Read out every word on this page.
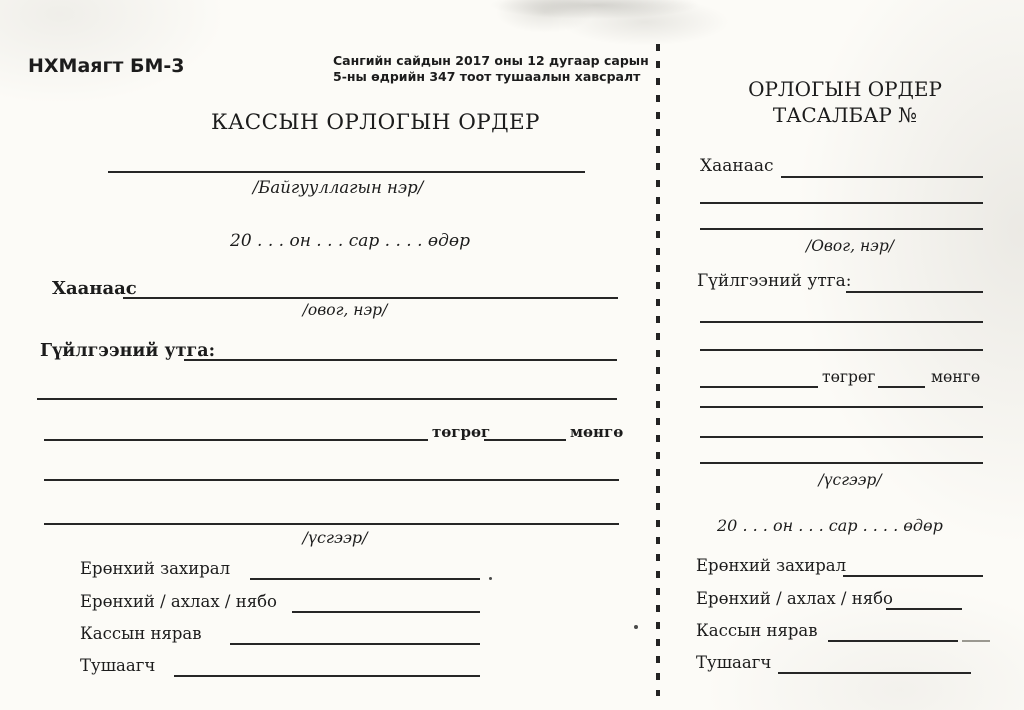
НХМаягт БМ-3	Сангийн сайдын 2017 оны 12 дугаар сарын
5-ны өдрийн 347 тоот тушаалын хавсралт
КАССЫН ОРЛОГЫН ОРДЕР
/Байгууллагын нэр/
20 . . . он . . . сар . . . . өдөр
Хаанаас
/овог, нэр/
Гүйлгээний утга:
төгрөг	мөнгө
/үсгээр/
Ерөнхий захирал
Ерөнхий / ахлах / нябо
Кассын нярав
Тушаагч
ОРЛОГЫН ОРДЕР
ТАСАЛБАР №
Хаанаас
/Овог, нэр/
Гүйлгээний утга:
төгрөг	мөнгө
/үсгээр/
20 . . . он . . . сар . . . . өдөр
Ерөнхий захирал
Ерөнхий / ахлах / нябо
Кассын нярав
Тушаагч
